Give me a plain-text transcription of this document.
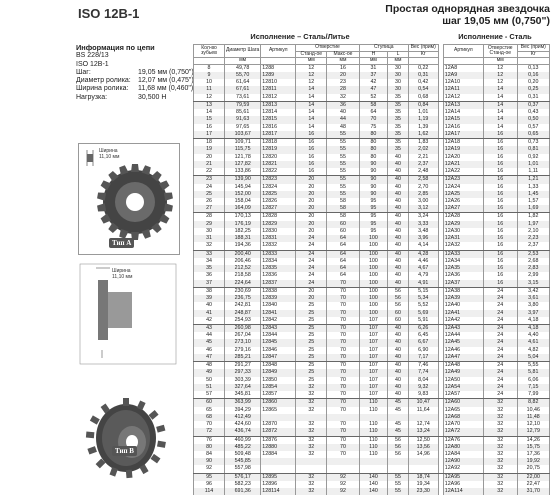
ISO 12B-1	Простая однорядная звездочка
шаг 19,05 мм (0,750")
Информация по цепи
BS 228/13
ISO 12B-1
Шаг:	19,05 мм (0,750")
Диаметр ролика:	12,07 мм (0,475")
Ширина ролика:	11,68 мм (0,460")
Нагрузка:	30,500 Н
Тип A
Ширина
11,10 мм
Ширина
11,10 мм
Тип B
Исполнение – Сталь/Литье	Исполнение - Сталь
Кол-во зубьев	Диаметр Шага	Артикул	Отверстие		Ступица		Вес (прим)		Артикул	Отверстие Станд-ое	Вес (прим)
			Станд-ое	Макс-ое	H	L	Кг				Кг
	мм		мм	мм	мм	мм				мм	
8	49,78	1288	12	16	31	30	0,22		12A8	12	0,13
9	55,70	1289	12	20	37	30	0,31		12A9	12	0,16
10	61,64	12810	12	23	42	30	0,42		12A10	12	0,20
11	67,61	12811	14	28	47	30	0,54		12A11	14	0,25
12	73,61	12812	14	32	52	35	0,68		12A12	14	0,31
13	79,59	12813	14	36	58	35	0,84		12A13	14	0,37
14	85,61	12814	14	40	64	35	1,01		12A14	14	0,43
15	91,63	12815	14	44	70	35	1,19		12A15	14	0,50
16	97,65	12816	14	48	75	35	1,39		12A16	14	0,57
17	103,67	12817	16	55	80	35	1,62		12A17	16	0,65
18	109,71	12818	16	55	80	35	1,83		12A18	16	0,73
19	115,75	12819	16	55	80	35	2,02		12A19	16	0,81
20	121,78	12820	16	55	80	40	2,21		12A20	16	0,92
21	127,82	12821	16	55	90	40	2,37		12A21	16	1,01
22	133,86	12822	16	55	90	40	2,48		12A22	16	1,11
23	139,90	12823	20	55	90	40	2,58		12A23	16	1,21
24	145,94	12824	20	55	90	40	2,70		12A24	16	1,33
25	152,00	12825	20	55	90	40	2,85		12A25	16	1,45
26	158,04	12826	20	58	95	40	3,00		12A26	16	1,57
27	164,09	12827	20	58	95	40	3,12		12A27	16	1,69
28	170,13	12828	20	58	95	40	3,24		12A28	16	1,82
29	176,19	12829	20	60	95	40	3,33		12A29	16	1,97
30	182,25	12830	20	60	95	40	3,48		12A30	16	2,10
31	188,31	12831	24	64	100	40	3,96		12A31	16	2,23
32	194,36	12832	24	64	100	40	4,14		12A32	16	2,37
33	200,40	12833	24	64	100	40	4,28		12A33	16	2,53
34	206,46	12834	24	64	100	40	4,46		12A34	16	2,68
35	212,52	12835	24	64	100	40	4,67		12A35	16	2,83
36	218,58	12836	24	64	100	40	4,79		12A36	16	2,99
37	224,64	12837	24	70	100	40	4,91		12A37	16	3,15
38	230,69	12838	20	70	100	56	5,15		12A38	24	3,42
39	236,75	12839	20	70	100	56	5,34		12A39	24	3,61
40	242,81	12840	25	70	100	56	5,52		12A40	24	3,80
41	248,87	12841	25	70	100	60	5,69		12A41	24	3,97
42	254,93	12842	25	70	107	60	5,91		12A42	24	4,18
43	260,98	12843	25	70	107	40	6,26		12A43	24	4,18
44	267,04	12844	25	70	107	40	6,45		12A44	24	4,40
45	273,10	12845	25	70	107	40	6,67		12A45	24	4,61
46	279,16	12846	25	70	107	40	6,90		12A46	24	4,82
47	285,21	12847	25	70	107	40	7,17		12A47	24	5,04
48	291,27	12848	25	70	107	40	7,46		12A48	24	5,55
49	297,33	12849	25	70	107	40	7,74		12A49	24	5,81
50	303,39	12850	25	70	107	40	8,04		12A50	24	6,06
51	327,64	12854	32	70	107	40	9,32		12A54	24	7,15
57	345,81	12857	32	70	107	40	9,83		12A57	24	7,99
60	363,99	12860	32	70	110	45	10,47		12A60	32	8,82
65	394,29	12865	32	70	110	45	11,64		12A65	32	10,46
68	412,49								12A68	32	11,48
70	424,60	12870	32	70	110	45	12,74		12A70	32	12,10
72	436,74	12872	32	70	110	45	13,24		12A72	32	12,79
76	460,99	12876	32	70	110	56	12,50		12A76	32	14,26
80	485,22	12880	32	70	110	56	13,56		12A80	32	15,75
84	509,48	12884	32	70	110	56	14,96		12A84	32	17,36
90	545,85								12A90	32	19,92
92	557,98								12A92	32	20,75
95	576,17	12895	32	92	140	55	18,74		12A95	32	22,00
96	582,23	12896	32	92	140	55	19,34		12A96	32	22,47
114	691,36	128114	32	92	140	55	23,30		12A114	32	31,70
